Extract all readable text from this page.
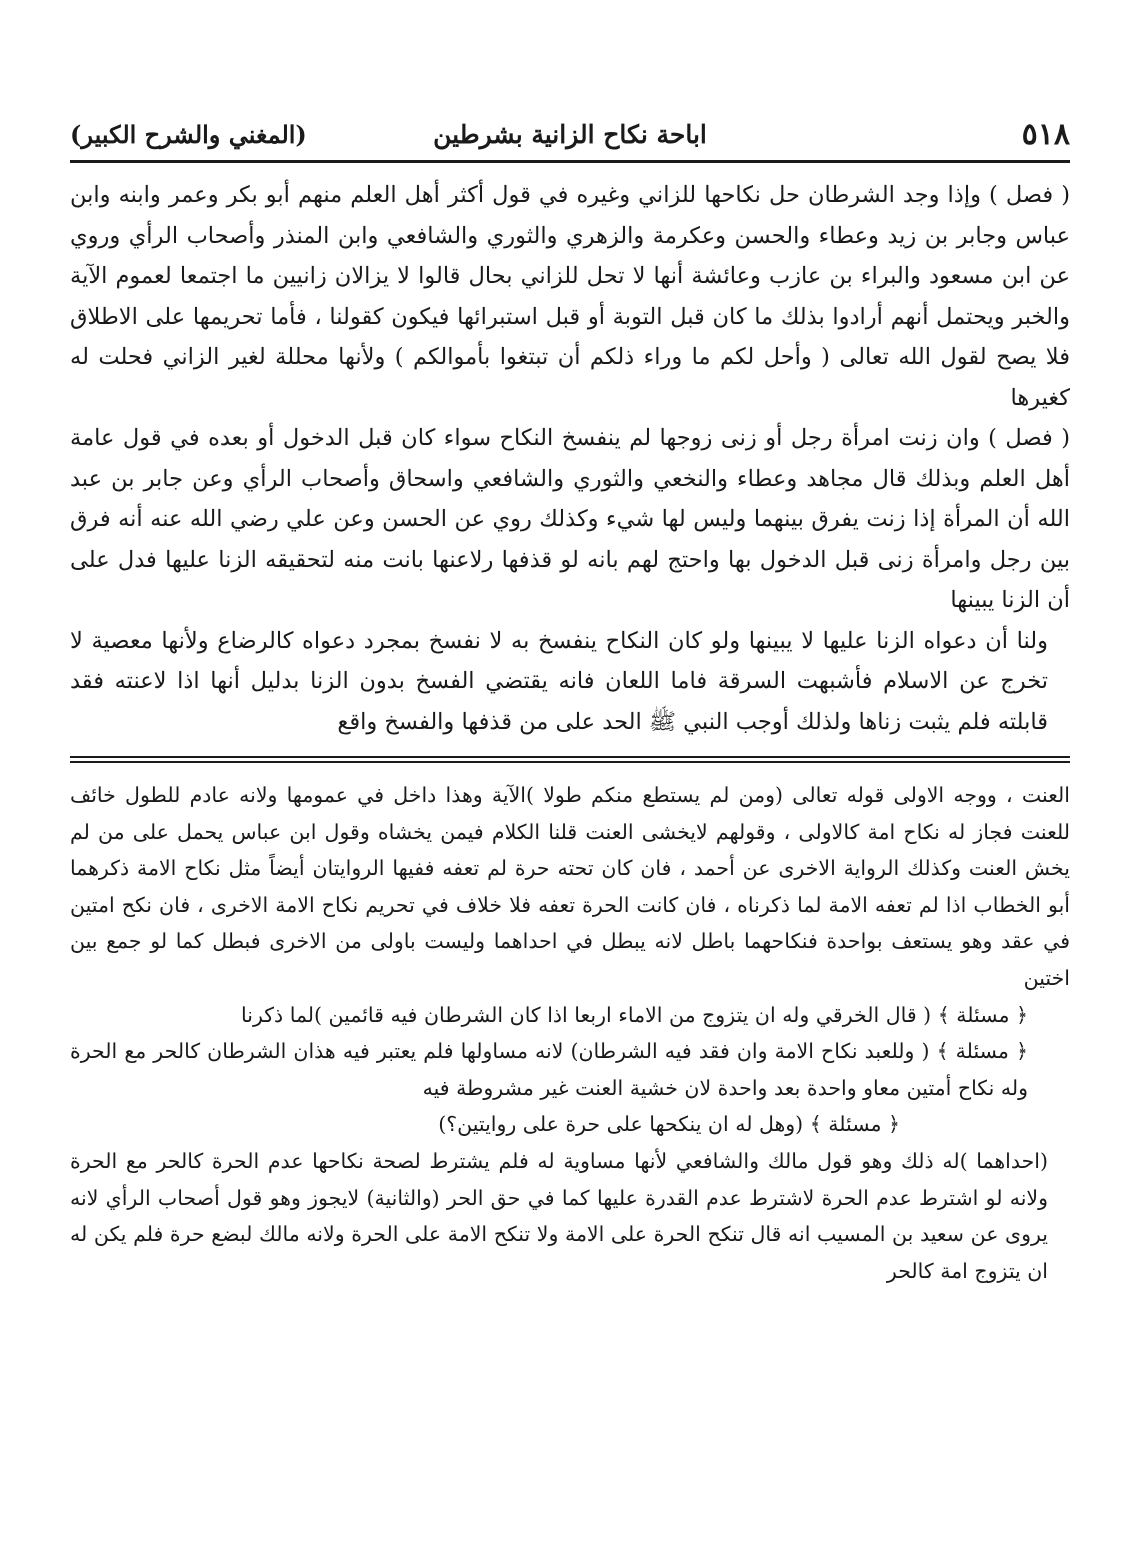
٥١٨
اباحة نكاح الزانية بشرطين
(المغني والشرح الكبير)

( فصل ) وإذا وجد الشرطان حل نكاحها للزاني وغيره في قول أكثر أهل العلم منهم أبو بكر وعمر وابنه وابن عباس وجابر بن زيد وعطاء والحسن وعكرمة والزهري والثوري والشافعي وابن المنذر وأصحاب الرأي وروي عن ابن مسعود والبراء بن عازب وعائشة أنها لا تحل للزاني بحال قالوا لا يزالان زانيين ما اجتمعا لعموم الآية والخبر ويحتمل أنهم أرادوا بذلك ما كان قبل التوبة أو قبل استبرائها فيكون كقولنا ، فأما تحريمها على الاطلاق فلا يصح لقول الله تعالى ( وأحل لكم ما وراء ذلكم أن تبتغوا بأموالكم ) ولأنها محللة لغير الزاني فحلت له كغيرها

( فصل ) وان زنت امرأة رجل أو زنى زوجها لم ينفسخ النكاح سواء كان قبل الدخول أو بعده في قول عامة أهل العلم وبذلك قال مجاهد وعطاء والنخعي والثوري والشافعي واسحاق وأصحاب الرأي وعن جابر بن عبد الله أن المرأة إذا زنت يفرق بينهما وليس لها شيء وكذلك روي عن الحسن وعن علي رضي الله عنه أنه فرق بين رجل وامرأة زنى قبل الدخول بها واحتج لهم بانه لو قذفها رلاعنها بانت منه لتحقيقه الزنا عليها فدل على أن الزنا يبينها

ولنا أن دعواه الزنا عليها لا يبينها ولو كان النكاح ينفسخ به لا نفسخ بمجرد دعواه كالرضاع ولأنها معصية لا تخرج عن الاسلام فأشبهت السرقة فاما اللعان فانه يقتضي الفسخ بدون الزنا بدليل أنها اذا لاعنته فقد قابلته فلم يثبت زناها ولذلك أوجب النبي ﷺ الحد على من قذفها والفسخ واقع

العنت ، ووجه الاولى قوله تعالى (ومن لم يستطع منكم طولا )الآية وهذا داخل في عمومها ولانه عادم للطول خائف للعنت فجاز له نكاح امة كالاولى ، وقولهم لايخشى العنت قلنا الكلام فيمن يخشاه وقول ابن عباس يحمل على من لم يخش العنت وكذلك الرواية الاخرى عن أحمد ، فان كان تحته حرة لم تعفه ففيها الروايتان أيضاً مثل نكاح الامة ذكرهما أبو الخطاب اذا لم تعفه الامة لما ذكرناه ، فان كانت الحرة تعفه فلا خلاف في تحريم نكاح الامة الاخرى ، فان نكح امتين في عقد وهو يستعف بواحدة فنكاحهما باطل لانه يبطل في احداهما وليست باولى من الاخرى فبطل كما لو جمع بين اختين

﴿ مسئلة ﴾ ( قال الخرقي وله ان يتزوج من الاماء اربعا اذا كان الشرطان فيه قائمين )لما ذكرنا

﴿ مسئلة ﴾ ( وللعبد نكاح الامة وان فقد فيه الشرطان) لانه مساولها فلم يعتبر فيه هذان الشرطان كالحر مع الحرة وله نكاح أمتين معاو واحدة بعد واحدة لان خشية العنت غير مشروطة فيه

﴿ مسئلة ﴾ (وهل له ان ينكحها على حرة على روايتين؟)

(احداهما )له ذلك وهو قول مالك والشافعي لأنها مساوية له فلم يشترط لصحة نكاحها عدم الحرة كالحر مع الحرة ولانه لو اشترط عدم الحرة لاشترط عدم القدرة عليها كما في حق الحر (والثانية) لايجوز وهو قول أصحاب الرأي لانه يروى عن سعيد بن المسيب انه قال تنكح الحرة على الامة ولا تنكح الامة على الحرة ولانه مالك لبضع حرة فلم يكن له ان يتزوج امة كالحر
